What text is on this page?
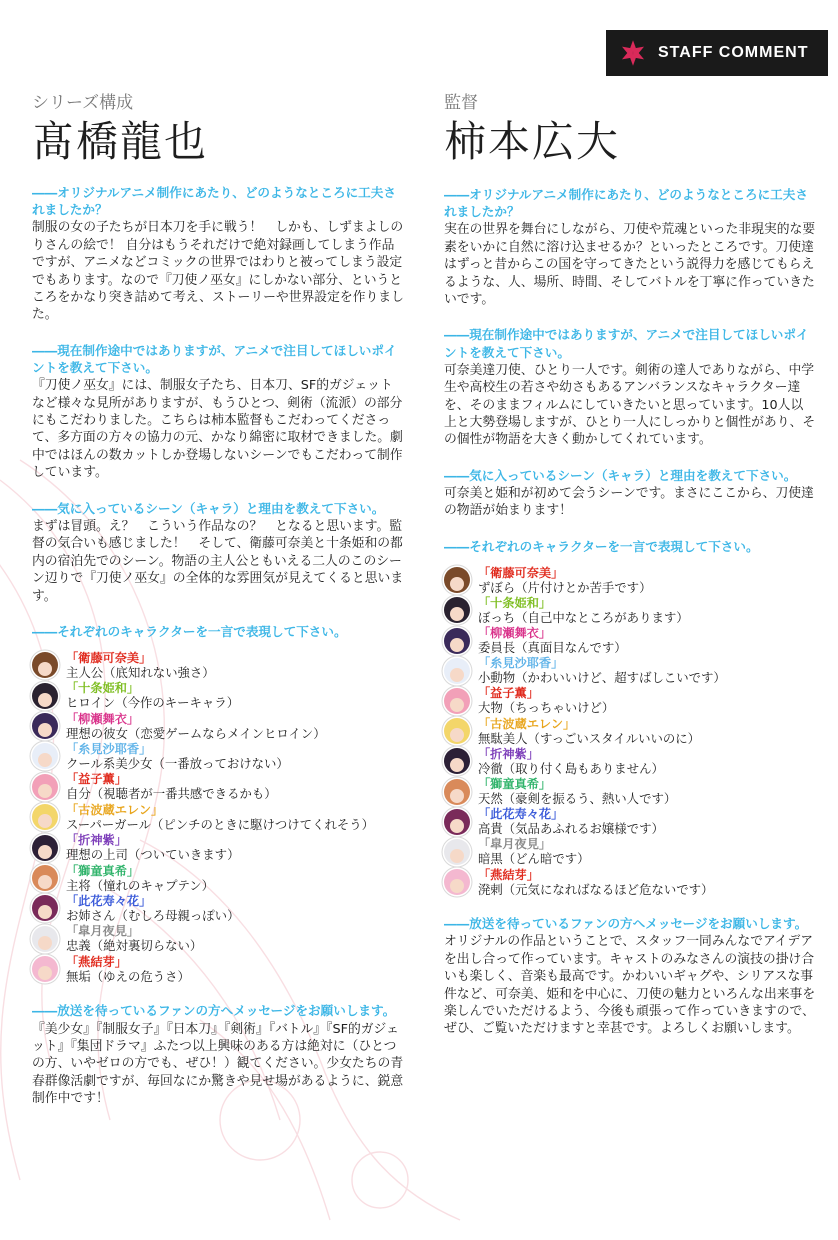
STAFF COMMENT
シリーズ構成
髙橋龍也
――オリジナルアニメ制作にあたり、どのようなところに工夫されましたか？
制服の女の子たちが日本刀を手に戦う！　しかも、しずまよしのりさんの絵で！ 自分はもうそれだけで絶対録画してしまう作品ですが、アニメなどコミックの世界ではわりと被ってしまう設定でもあります。なので『刀使ノ巫女』にしかない部分、というところをかなり突き詰めて考え、ストーリーや世界設定を作りました。
――現在制作途中ではありますが、アニメで注目してほしいポイントを教えて下さい。
『刀使ノ巫女』には、制服女子たち、日本刀、SF的ガジェットなど様々な見所がありますが、もうひとつ、剣術（流派）の部分にもこだわりました。こちらは柿本監督もこだわってくださって、多方面の方々の協力の元、かなり綿密に取材できました。劇中ではほんの数カットしか登場しないシーンでもこだわって制作しています。
――気に入っているシーン（キャラ）と理由を教えて下さい。
まずは冒頭。え？　こういう作品なの？　となると思います。監督の気合いも感じました！　そして、衛藤可奈美と十条姫和の都内の宿泊先でのシーン。物語の主人公ともいえる二人のこのシーン辺りで『刀使ノ巫女』の全体的な雰囲気が見えてくると思います。
――それぞれのキャラクターを一言で表現して下さい。
「衛藤可奈美」
主人公（底知れない強さ）
「十条姫和」
ヒロイン（今作のキーキャラ）
「柳瀬舞衣」
理想の彼女（恋愛ゲームならメインヒロイン）
「糸見沙耶香」
クール系美少女（一番放っておけない）
「益子薫」
自分（視聴者が一番共感できるかも）
「古波蔵エレン」
スーパーガール（ピンチのときに駆けつけてくれそう）
「折神紫」
理想の上司（ついていきます）
「獅童真希」
主将（憧れのキャプテン）
「此花寿々花」
お姉さん（むしろ母親っぽい）
「皐月夜見」
忠義（絶対裏切らない）
「燕結芽」
無垢（ゆえの危うさ）
――放送を待っているファンの方へメッセージをお願いします。
『美少女』『制服女子』『日本刀』『剣術』『バトル』『SF的ガジェット』『集団ドラマ』ふたつ以上興味のある方は絶対に（ひとつの方、いやゼロの方でも、ぜひ！）観てください。少女たちの青春群像活劇ですが、毎回なにか驚きや見せ場があるように、鋭意制作中です！
監督
柿本広大
――オリジナルアニメ制作にあたり、どのようなところに工夫されましたか？
実在の世界を舞台にしながら、刀使や荒魂といった非現実的な要素をいかに自然に溶け込ませるか？といったところです。刀使達はずっと昔からこの国を守ってきたという説得力を感じてもらえるような、人、場所、時間、そしてバトルを丁寧に作っていきたいです。
――現在制作途中ではありますが、アニメで注目してほしいポイントを教えて下さい。
可奈美達刀使、ひとり一人です。剣術の達人でありながら、中学生や高校生の若さや幼さもあるアンバランスなキャラクター達を、そのままフィルムにしていきたいと思っています。10人以上と大勢登場しますが、ひとり一人にしっかりと個性があり、その個性が物語を大きく動かしてくれています。
――気に入っているシーン（キャラ）と理由を教えて下さい。
可奈美と姫和が初めて会うシーンです。まさにここから、刀使達の物語が始まります！
――それぞれのキャラクターを一言で表現して下さい。
「衛藤可奈美」
ずぼら（片付けとか苦手です）
「十条姫和」
ぼっち（自己中なところがあります）
「柳瀬舞衣」
委員長（真面目なんです）
「糸見沙耶香」
小動物（かわいいけど、超すばしこいです）
「益子薫」
大物（ちっちゃいけど）
「古波蔵エレン」
無駄美人（すっごいスタイルいいのに）
「折神紫」
冷徹（取り付く島もありません）
「獅童真希」
天然（豪剣を振るう、熱い人です）
「此花寿々花」
高貴（気品あふれるお嬢様です）
「皐月夜見」
暗黒（どん暗です）
「燕結芽」
溌剌（元気になればなるほど危ないです）
――放送を待っているファンの方へメッセージをお願いします。
オリジナルの作品ということで、スタッフ一同みんなでアイデアを出し合って作っています。キャストのみなさんの演技の掛け合いも楽しく、音楽も最高です。かわいいギャグや、シリアスな事件など、可奈美、姫和を中心に、刀使の魅力といろんな出来事を楽しんでいただけるよう、今後も頑張って作っていきますので、ぜひ、ご覧いただけますと幸甚です。よろしくお願いします。
